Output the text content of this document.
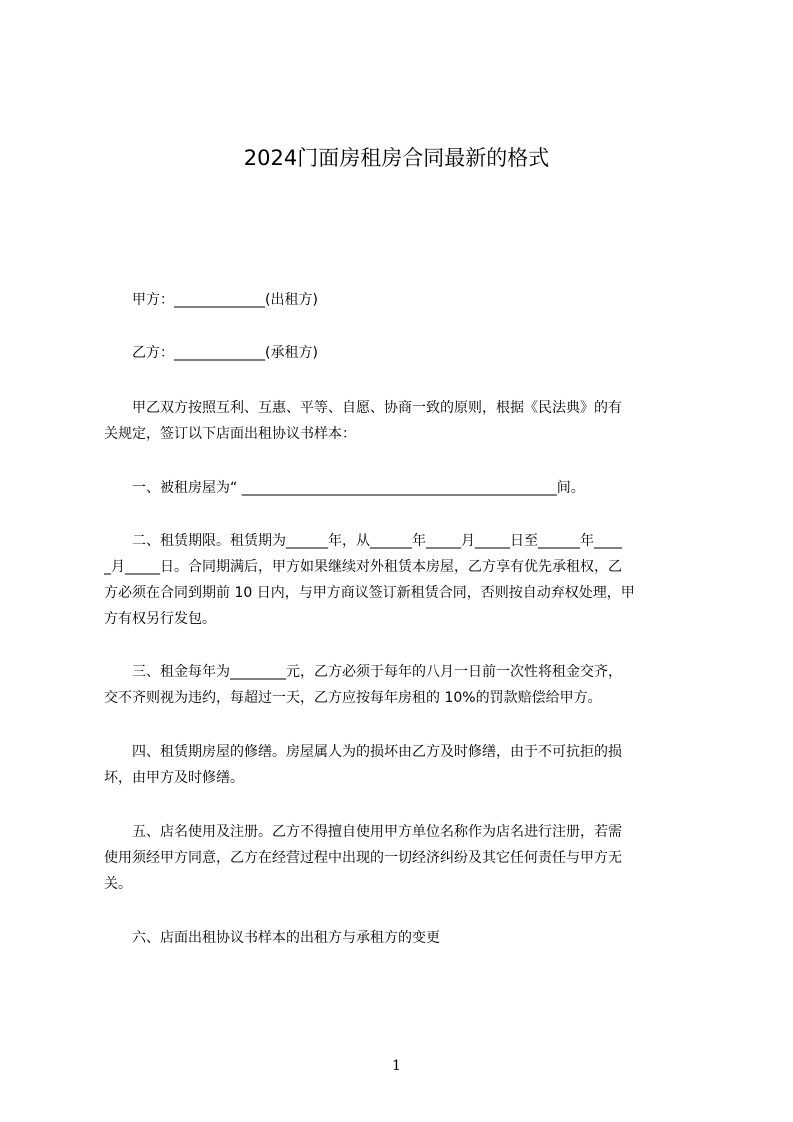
2024门面房租房合同最新的格式
　　甲方：_____________(出租方)
　　乙方：_____________(承租方)
　　甲乙双方按照互利、互惠、平等、自愿、协商一致的原则，根据《民法典》的有
关规定，签订以下店面出租协议书样本：
　　一、被租房屋为“ _____________________________________________间。
　　二、租赁期限。租赁期为______年，从______年_____月_____日至______年____
_月_____日。合同期满后，甲方如果继续对外租赁本房屋，乙方享有优先承租权，乙
方必须在合同到期前 10 日内，与甲方商议签订新租赁合同，否则按自动弃权处理，甲
方有权另行发包。
　　三、租金每年为________元，乙方必须于每年的八月一日前一次性将租金交齐，
交不齐则视为违约，每超过一天，乙方应按每年房租的 10%的罚款赔偿给甲方。
　　四、租赁期房屋的修缮。房屋属人为的损坏由乙方及时修缮，由于不可抗拒的损
坏，由甲方及时修缮。
　　五、店名使用及注册。乙方不得擅自使用甲方单位名称作为店名进行注册，若需
使用须经甲方同意，乙方在经营过程中出现的一切经济纠纷及其它任何责任与甲方无
关。
　　六、店面出租协议书样本的出租方与承租方的变更
1
